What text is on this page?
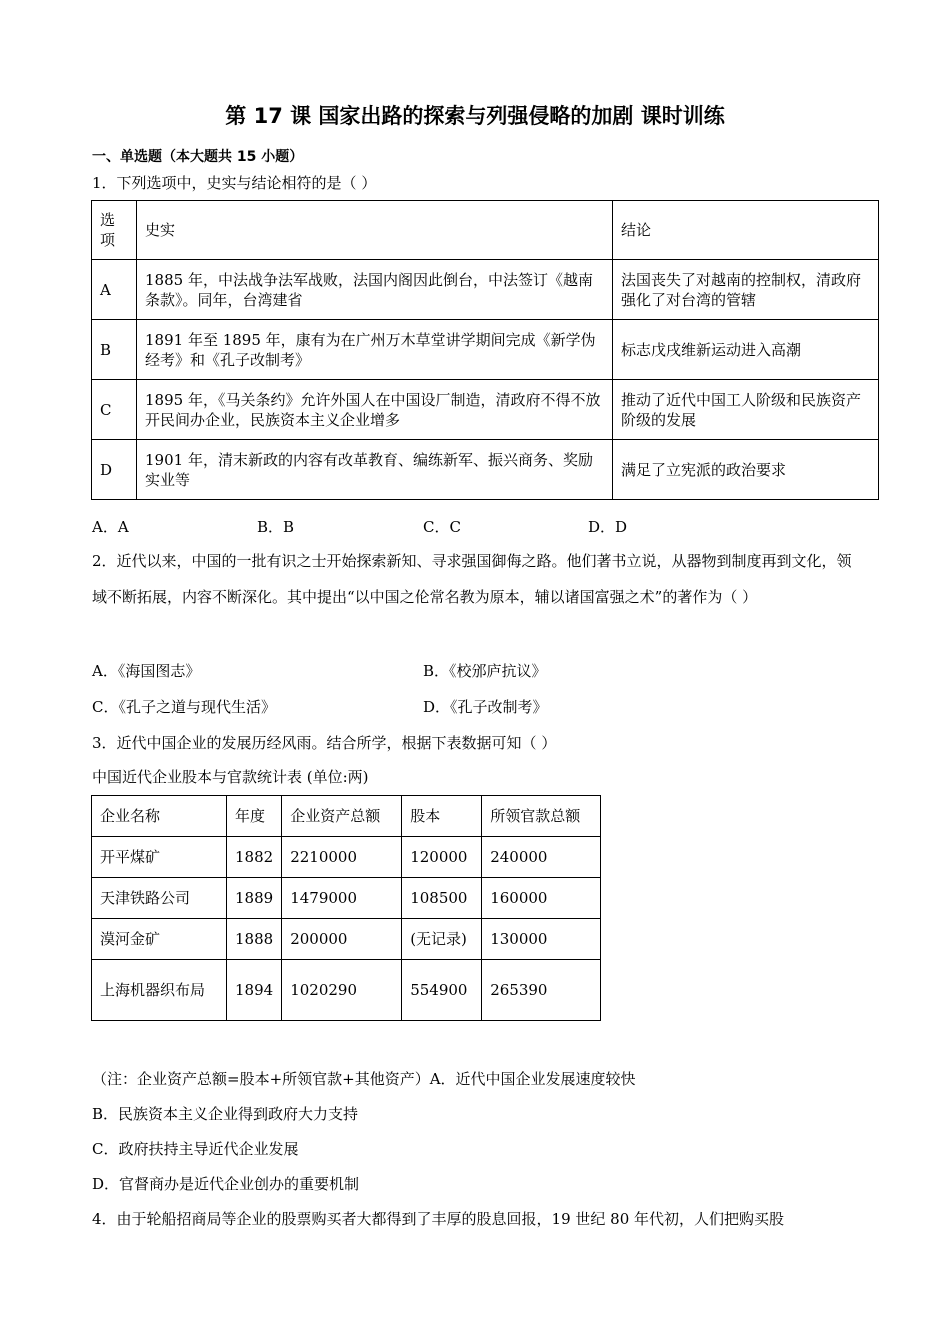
第 17 课 国家出路的探索与列强侵略的加剧 课时训练
一、单选题（本大题共 15 小题）
1．下列选项中，史实与结论相符的是（ ）
选项	史实	结论
A	1885 年，中法战争法军战败，法国内阁因此倒台，中法签订《越南条款》。同年，台湾建省	法国丧失了对越南的控制权，清政府强化了对台湾的管辖
B	1891 年至 1895 年，康有为在广州万木草堂讲学期间完成《新学伪经考》和《孔子改制考》	标志戊戌维新运动进入高潮
C	1895 年，《马关条约》允许外国人在中国设厂制造，清政府不得不放开民间办企业，民族资本主义企业增多	推动了近代中国工人阶级和民族资产阶级的发展
D	1901 年，清末新政的内容有改革教育、编练新军、振兴商务、奖励实业等	满足了立宪派的政治要求
A．A	B．B	C．C	D．D
2．近代以来，中国的一批有识之士开始探索新知、寻求强国御侮之路。他们著书立说，从器物到制度再到文化，领域不断拓展，内容不断深化。其中提出“以中国之伦常名教为原本，辅以诸国富强之术”的著作为（ ）
A．《海国图志》	B．《校邠庐抗议》
C．《孔子之道与现代生活》	D．《孔子改制考》
3．近代中国企业的发展历经风雨。结合所学，根据下表数据可知（ ）
中国近代企业股本与官款统计表 (单位:两)
企业名称	年度	企业资产总额	股本	所领官款总额
开平煤矿	1882	2210000	120000	240000
天津铁路公司	1889	1479000	108500	160000
漠河金矿	1888	200000	(无记录)	130000
上海机器织布局	1894	1020290	554900	265390
（注：企业资产总额=股本+所领官款+其他资产）A．近代中国企业发展速度较快
B．民族资本主义企业得到政府大力支持
C．政府扶持主导近代企业发展
D．官督商办是近代企业创办的重要机制
4．由于轮船招商局等企业的股票购买者大都得到了丰厚的股息回报，19 世纪 80 年代初，人们把购买股
